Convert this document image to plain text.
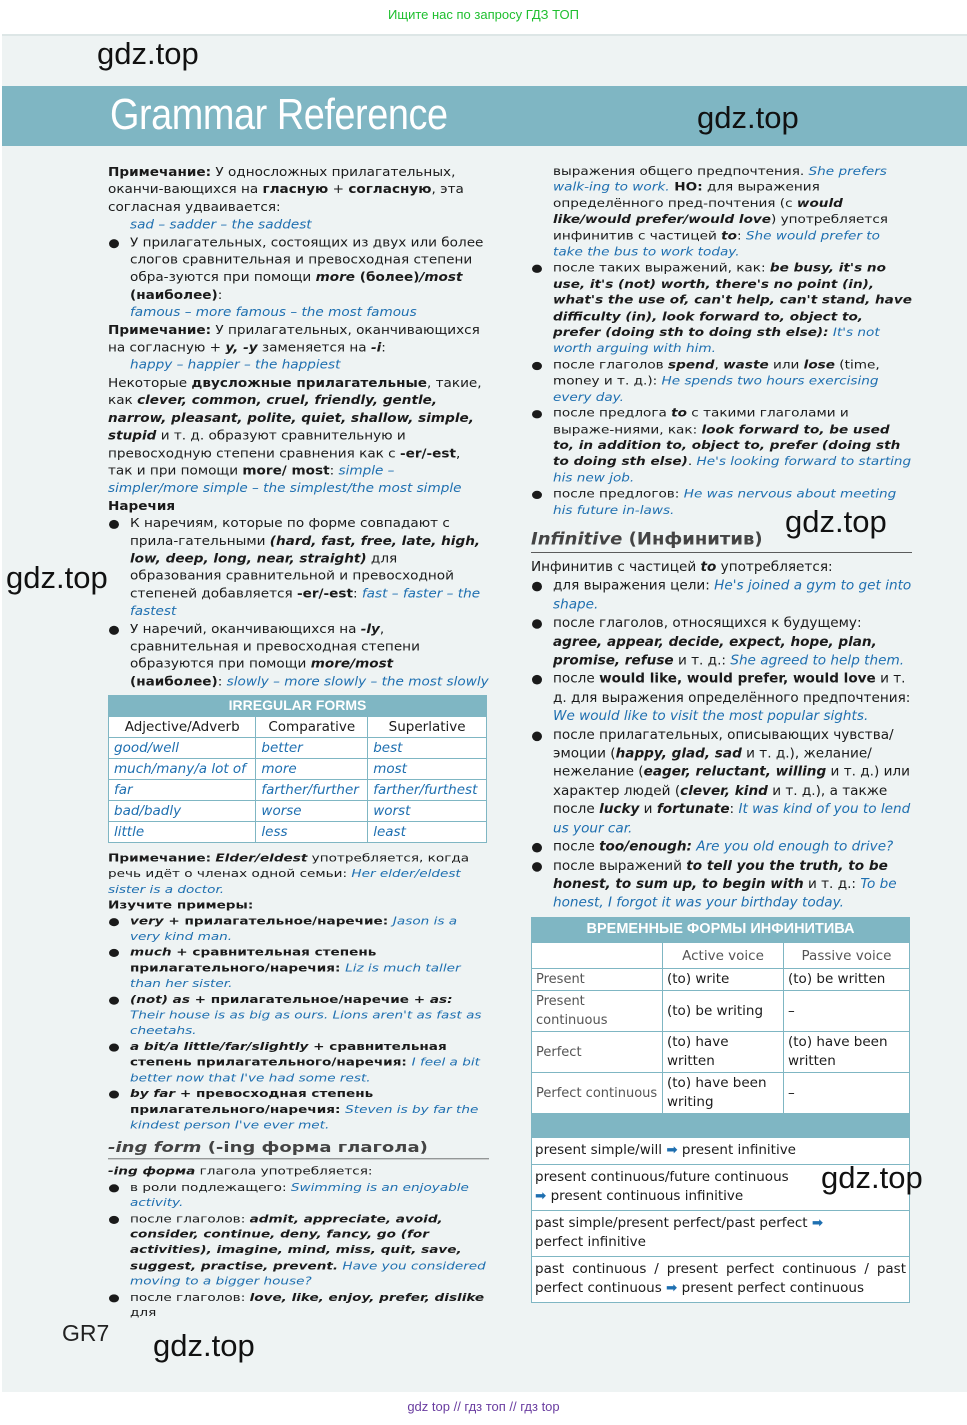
Ищите нас по запросу ГДЗ ТОП
Grammar Reference
gdz.top
gdz.top
gdz.top
gdz.top
gdz.top
gdz.top

Примечание: У односложных прилагательных, оканчи-вающихся на гласную + согласную, эта согласная удваивается:

sad – sadder – the saddest

У прилагательных, состоящих из двух или более слогов сравнительная и превосходная степени обра-зуются при помощи more (более)/most (наиболее):

famous – more famous – the most famous

Примечание: У прилагательных, оканчивающихся на согласную + y, -y заменяется на -i:

happy – happier – the happiest

Некоторые двусложные прилагательные, такие, как clever, common, cruel, friendly, gentle, narrow, pleasant, polite, quiet, shallow, simple, stupid и т. д. образуют сравнительную и превосходную степени сравнения как с -er/-est, так и при помощи more/ most: simple – simpler/more simple – the simplest/the most simple

Наречия

К наречиям, которые по форме совпадают с прила-гательными (hard, fast, free, late, high, low, deep, long, near, straight) для образования сравнительной и превосходной степеней добавляется -er/-est: fast – faster – the fastest

У наречий, оканчивающихся на -ly, сравнительная и превосходная степени образуются при помощи more/most (наиболее): slowly – more slowly – the most slowly

IRREGULAR FORMS
Adjective/Adverb	Comparative	Superlative
good/well	better	best
much/many/a lot of	more	most
far	farther/further	farther/furthest
bad/badly	worse	worst
little	less	least

Примечание: Elder/eldest употребляется, когда речь идёт о членах одной семьи: Her elder/eldest sister is a doctor.

Изучите примеры:

very + прилагательное/наречие: Jason is a very kind man.

much + сравнительная степень прилагательного/наречия: Liz is much taller than her sister.

(not) as + прилагательное/наречие + as: Their house is as big as ours. Lions aren't as fast as cheetahs.

a bit/a little/far/slightly + сравнительная степень прилагательного/наречия: I feel a bit better now that I've had some rest.

by far + превосходная степень прилагательного/наречия: Steven is by far the kindest person I've ever met.

-ing form (-ing форма глагола)

-ing форма глагола употребляется:

в роли подлежащего: Swimming is an enjoyable activity.

после глаголов: admit, appreciate, avoid, consider, continue, deny, fancy, go (for activities), imagine, mind, miss, quit, save, suggest, practise, prevent. Have you considered moving to a bigger house?

после глаголов: love, like, enjoy, prefer, dislike для

выражения общего предпочтения. She prefers walk-ing to work. НО: для выражения определённого пред-почтения (с would like/would prefer/would love) употребляется инфинитив с частицей to: She would prefer to take the bus to work today.

после таких выражений, как: be busy, it's no use, it's (not) worth, there's no point (in), what's the use of, can't help, can't stand, have difficulty (in), look forward to, object to, prefer (doing sth to doing sth else): It's not worth arguing with him.

после глаголов spend, waste или lose (time, money и т. д.): He spends two hours exercising every day.

после предлога to с такими глаголами и выраже-ниями, как: look forward to, be used to, in addition to, object to, prefer (doing sth to doing sth else). He's looking forward to starting his new job.

после предлогов: He was nervous about meeting his future in-laws.

Infinitive (Инфинитив)

Инфинитив с частицей to употребляется:

для выражения цели: He's joined a gym to get into shape.

после глаголов, относящихся к будущему: agree, appear, decide, expect, hope, plan, promise, refuse и т. д.: She agreed to help them.

после would like, would prefer, would love и т. д. для выражения определённого предпочтения: We would like to visit the most popular sights.

после прилагательных, описывающих чувства/эмоции (happy, glad, sad и т. д.), желание/нежелание (eager, reluctant, willing и т. д.) или характер людей (clever, kind и т. д.), а также после lucky и fortunate: It was kind of you to lend us your car.

после too/enough: Are you old enough to drive?

после выражений to tell you the truth, to be honest, to sum up, to begin with и т. д.: To be honest, I forgot it was your birthday today.

ВРЕМЕННЫЕ ФОРМЫ ИНФИНИТИВА
	Active voice	Passive voice
Present	(to) write	(to) be written
Present continuous	(to) be writing	–
Perfect	(to) have written	(to) have been written
Perfect continuous	(to) have been writing	–
present simple/will ➡ present infinitive
present continuous/future continuous ➡ present continuous infinitive
past simple/present perfect/past perfect ➡ perfect infinitive
past continuous / present perfect continuous / past perfect continuous ➡ present perfect continuous
GR7
gdz top // гдз топ // гдз top
